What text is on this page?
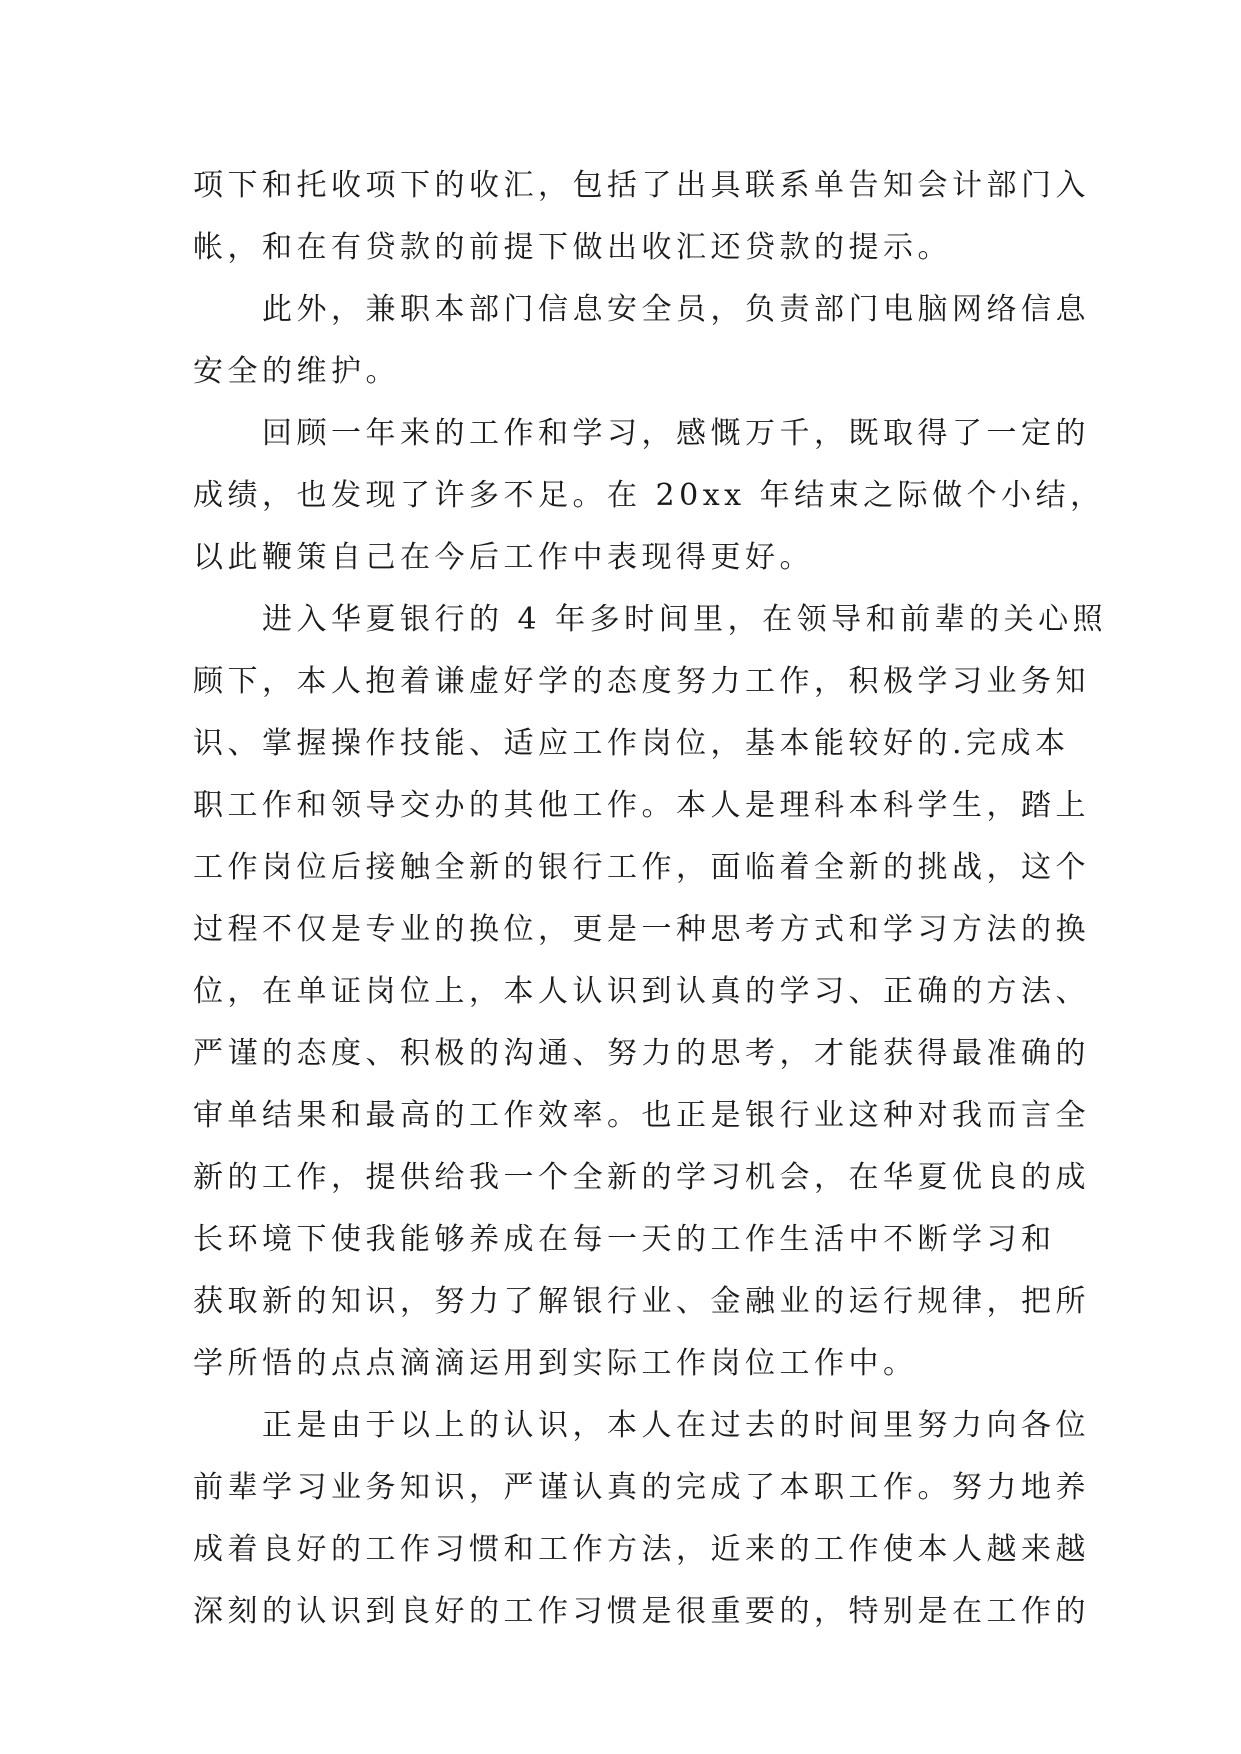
项下和托收项下的收汇，包括了出具联系单告知会计部门入
帐，和在有贷款的前提下做出收汇还贷款的提示。
　　此外，兼职本部门信息安全员，负责部门电脑网络信息
安全的维护。
　　回顾一年来的工作和学习，感慨万千，既取得了一定的
成绩，也发现了许多不足。在 20xx 年结束之际做个小结，
以此鞭策自己在今后工作中表现得更好。
　　进入华夏银行的 4 年多时间里，在领导和前辈的关心照
顾下，本人抱着谦虚好学的态度努力工作，积极学习业务知
识、掌握操作技能、适应工作岗位，基本能较好的.完成本
职工作和领导交办的其他工作。本人是理科本科学生，踏上
工作岗位后接触全新的银行工作，面临着全新的挑战，这个
过程不仅是专业的换位，更是一种思考方式和学习方法的换
位，在单证岗位上，本人认识到认真的学习、正确的方法、
严谨的态度、积极的沟通、努力的思考，才能获得最准确的
审单结果和最高的工作效率。也正是银行业这种对我而言全
新的工作，提供给我一个全新的学习机会，在华夏优良的成
长环境下使我能够养成在每一天的工作生活中不断学习和
获取新的知识，努力了解银行业、金融业的运行规律，把所
学所悟的点点滴滴运用到实际工作岗位工作中。
　　正是由于以上的认识，本人在过去的时间里努力向各位
前辈学习业务知识，严谨认真的完成了本职工作。努力地养
成着良好的工作习惯和工作方法，近来的工作使本人越来越
深刻的认识到良好的工作习惯是很重要的，特别是在工作的
